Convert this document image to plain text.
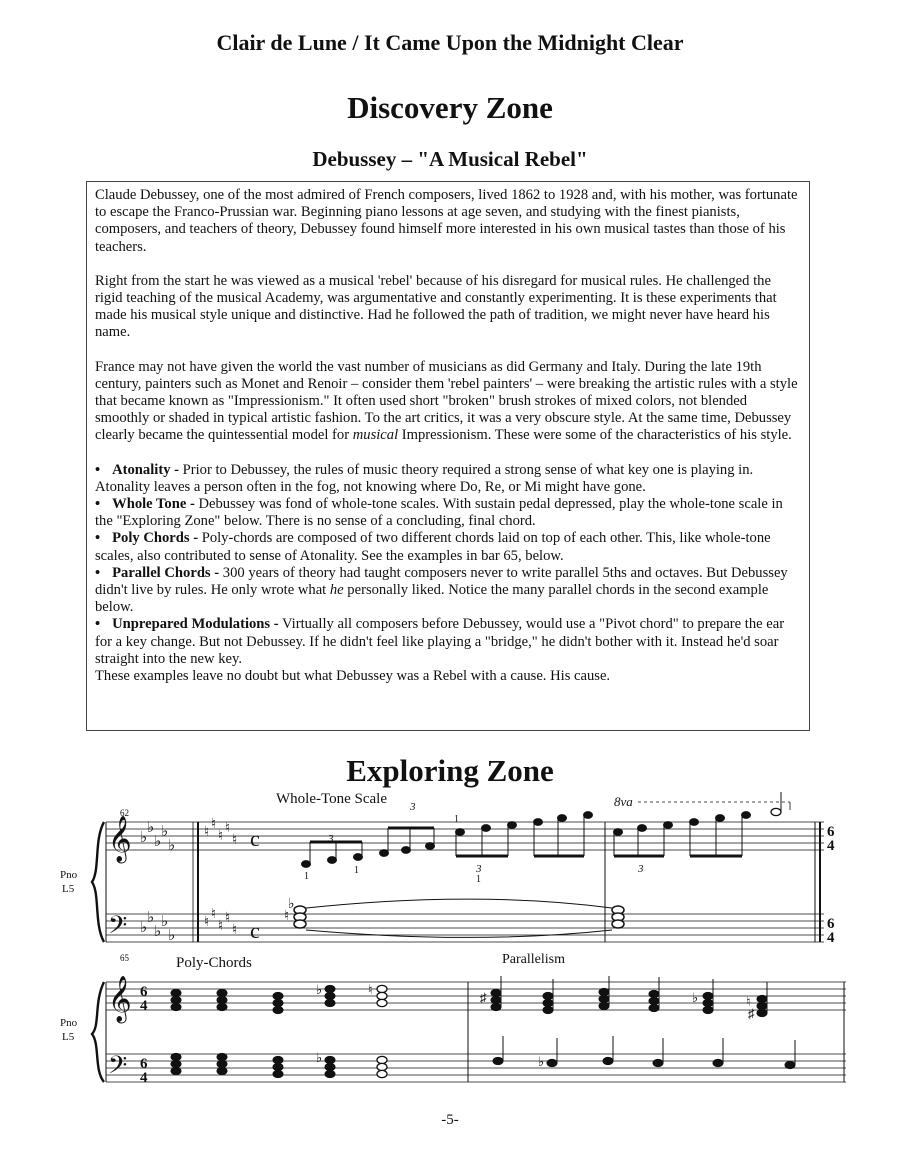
Clair de Lune / It Came Upon the Midnight Clear
Discovery Zone
Debussey – "A Musical Rebel"

Claude Debussey, one of the most admired of French composers, lived 1862 to 1928 and, with his mother, was fortunate to escape the Franco-Prussian war. Beginning piano lessons at age seven, and studying with the finest pianists, composers, and teachers of theory, Debussey found himself more interested in his own musical tastes than those of his teachers.

Right from the start he was viewed as a musical 'rebel' because of his disregard for musical rules. He challenged the rigid teaching of the musical Academy, was argumentative and constantly experimenting. It is these experiments that made his musical style unique and distinctive. Had he followed the path of tradition, we might never have heard his name.

France may not have given the world the vast number of musicians as did Germany and Italy. During the late 19th century, painters such as Monet and Renoir – consider them 'rebel painters' – were breaking the artistic rules with a style that became known as "Impressionism." It often used short "broken" brush strokes of mixed colors, not blended smoothly or shaded in typical artistic fashion. To the art critics, it was a very obscure style. At the same time, Debussey clearly became the quintessential model for musical Impressionism. These were some of the characteristics of his style.

• Atonality - Prior to Debussey, the rules of music theory required a strong sense of what key one is playing in. Atonality leaves a person often in the fog, not knowing where Do, Re, or Mi might have gone.

• Whole Tone - Debussey was fond of whole-tone scales. With sustain pedal depressed, play the whole-tone scale in the "Exploring Zone" below. There is no sense of a concluding, final chord.

• Poly Chords - Poly-chords are composed of two different chords laid on top of each other. This, like whole-tone scales, also contributed to sense of Atonality. See the examples in bar 65, below.

• Parallel Chords - 300 years of theory had taught composers never to write parallel 5ths and octaves. But Debussey didn't live by rules. He only wrote what he personally liked. Notice the many parallel chords in the second example below.

• Unprepared Modulations - Virtually all composers before Debussey, would use a "Pivot chord" to prepare the ear for a key change. But not Debussey. If he didn't feel like playing a "bridge," he didn't bother with it. Instead he'd soar straight into the new key.

These examples leave no doubt but what Debussey was a Rebel with a cause. His cause.

Exploring Zone
62
Whole-Tone Scale
Pno
L5
𝄞
𝄢
♭
♭
♭
♭
♭
♭
♭
♭
♭
♭
♮
♮
♮
♮
♮
♮
♮
♮
♮
♮
c
c
3
3
3	3
1
1
1
1
8va
♮
♭
6
4
6
4
65	Poly-Chords	Parallelism
Pno
L5
𝄞
𝄢
6
4
6
4
♭
♭
♮
♯
♭
♭	♮
♯
-5-
